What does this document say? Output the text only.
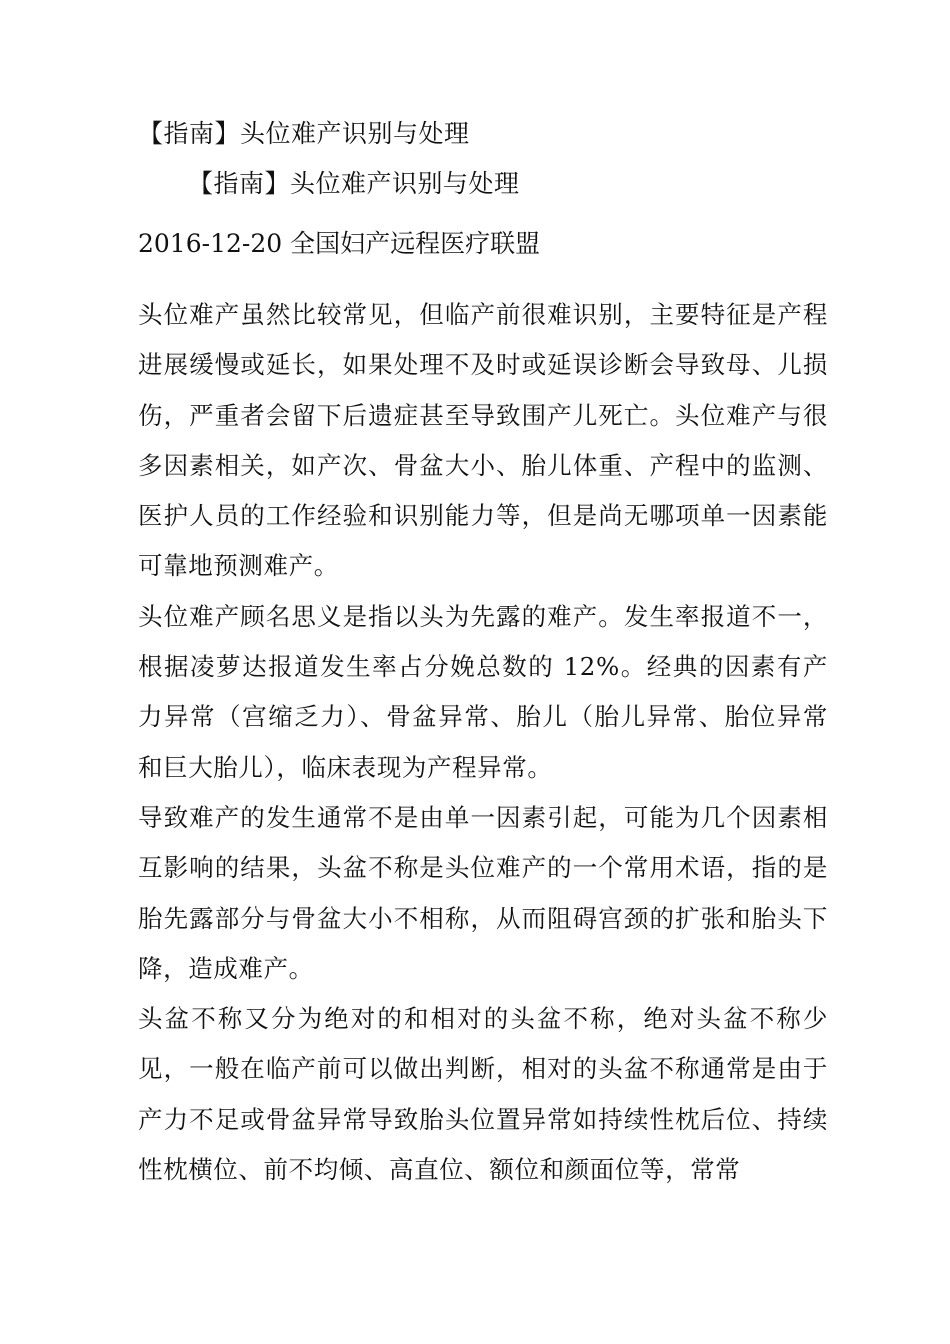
【指南】头位难产识别与处理
【指南】头位难产识别与处理
2016-12-20 全国妇产远程医疗联盟

头位难产虽然比较常见，但临产前很难识别，主要特征是产程进展缓慢或延长，如果处理不及时或延误诊断会导致母、儿损伤，严重者会留下后遗症甚至导致围产儿死亡。头位难产与很多因素相关，如产次、骨盆大小、胎儿体重、产程中的监测、医护人员的工作经验和识别能力等，但是尚无哪项单一因素能可靠地预测难产。

头位难产顾名思义是指以头为先露的难产。发生率报道不一，根据凌萝达报道发生率占分娩总数的 12%。经典的因素有产力异常（宫缩乏力）、骨盆异常、胎儿（胎儿异常、胎位异常和巨大胎儿），临床表现为产程异常。

导致难产的发生通常不是由单一因素引起，可能为几个因素相互影响的结果，头盆不称是头位难产的一个常用术语，指的是胎先露部分与骨盆大小不相称，从而阻碍宫颈的扩张和胎头下降，造成难产。

头盆不称又分为绝对的和相对的头盆不称，绝对头盆不称少见，一般在临产前可以做出判断，相对的头盆不称通常是由于产力不足或骨盆异常导致胎头位置异常如持续性枕后位、持续性枕横位、前不均倾、高直位、额位和颜面位等，常常
